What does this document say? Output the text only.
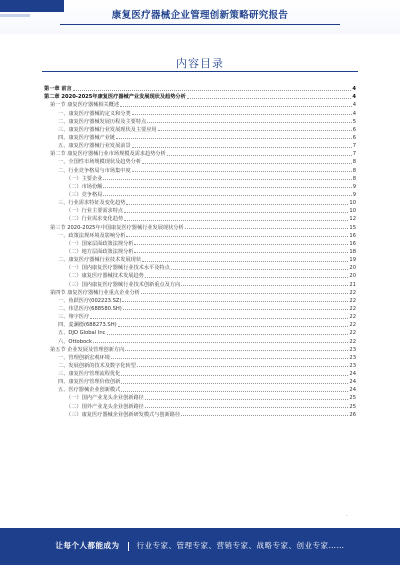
康复医疗器械企业管理创新策略研究报告
内容目录
第一章 前言	4
第二章 2020-2025年康复医疗器械产业发展现状及趋势分析	4
第一节 康复医疗器械相关概述	4
一、康复医疗器械的定义和分类	4
二、康复医疗器械发展历程及主要特点	5
三、康复医疗器械行业发展现状及主要应用	6
四、康复医疗器械产业链	6
五、康复医疗器械行业发展前景	7
第二节 康复医疗器械行业市场规模及需求趋势分析	7
一、全国性市场规模现状及趋势分析	8
二、行业竞争格局与市场集中度	8
（一）主要企业	8
（二）市场份额	9
（三）竞争格局	9
三、行业需求特征及变化趋势	10
（一）行业主要需求特点	10
（二）行业需求变化趋势	12
第三节 2020-2025年中国康复医疗器械行业发展现状分析	15
一、政策法规环境及影响分析	16
（一）国家层面政策法规分析	16
（二）地方层面政策法规分析	18
二、康复医疗器械行业技术发展现状	19
（一）国内康复医疗器械行业技术水平及特点	20
（二）康复医疗器械技术发展趋势	20
（三）国内康复医疗器械行业技术创新重点及方向	21
第四节 康复医疗器械行业重点企业分析	22
一、鱼跃医疗(002223.SZ)	22
二、伟思医疗(688580.SH)	22
三、翔宇医疗	22
四、麦澜德(688273.SH)	22
五、DJO Global Inc	22
六、Ottobock	22
第五节 企业发展及管理创新方向	23
一、管理创新宏观环境	23
二、发展创新的技术及数字化转型	23
三、康复医疗管理流程优化	24
四、康复医疗管理价值创新	24
五、医疗器械企业创新模式	24
（一）国内产业龙头企业创新路径	25
（二）国外产业龙头企业创新路径	25
（三）康复医疗器械企业创新研发模式与创新路径	26
-
让每个人都能成为 行业专家、管理专家、营销专家、战略专家、创业专家……
